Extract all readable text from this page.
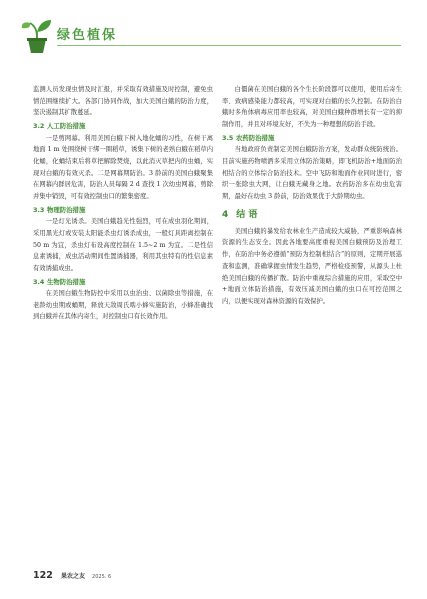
绿色植保

监测人员发现虫情及时汇报，并采取有效措施及时控制，避免虫情范围继续扩大。各部门协同作战，加大美国白蛾的防治力度，坚决遏制其扩散蔓延。

3.2 人工防治措施

一是剪网幕。利用美国白蛾下树入地化蛹的习性，在树干离地面 1 m 处围绕树干绑一圈稻草，诱集下树的老熟白蛾在稻草内化蛹，化蛹结束后将草把解除焚烧，以此消灭草把内的虫蛹，实现对白蛾的有效灭杀。二是网幕期防治。3 龄前的美国白蛾聚集在网幕内群居危害，防治人员每隔 2 d 查找 1 次幼虫网幕，剪除并集中销毁，可有效控制虫口的繁集密度。

3.3 物理防治措施

一是灯光诱杀。美国白蛾趋光性强烈，可在成虫羽化期间，采用黑光灯或安装太阳能杀虫灯诱杀成虫，一般灯具距离控制在 50 m 为宜，杀虫灯布设高度控制在 1.5~2 m 为宜。二是性信息素诱捕，成虫活动期间性置诱捕器，利用其虫特有的性信息素有效诱捕成虫。

3.4 生物防治措施

在美国白蛾生物防控中采用以虫治虫、以菌除虫等措施，在老龄幼虫期或蛹期，释放天敌周氏啮小蜂实施防治，小蜂准确找到白蛾并在其体内寄生，对控制虫口有长效作用。

白僵菌在美国白蛾的各个生长阶段都可以使用，使用后寄生率、致病感染能力都较高，可实现对白蛾的长久控制。在防治白蛾时多角体病毒应用率也较高，对美国白蛾种群增长有一定的抑制作用，并且对环境友好，不失为一种理想的防治手段。

3.5 农药防治措施

当地政府负责制定美国白蛾防治方案，发动群众统防统治。目前实施药物喷洒多采用立体防治策略，即飞机防治+地面防治相结合的立体综合防治技术。空中飞防和地面作业同时进行，密织一张除虫大网，让白蛾无藏身之地。农药防治多在幼虫危害期，最好在幼虫 3 龄前，防治效果优于大龄期幼虫。

4 结 语

美国白蛾的暴发给农林业生产造成较大威胁，严重影响森林资源的生态安全。因此各地要高度重视美国白蛾预防及治理工作，在防治中务必遵循“预防为控制相结合”的原则，定期开展巡查和监测，准确掌握虫情发生趋势，严格检疫预警，从源头上杜绝美国白蛾的传播扩散。防治中重视综合措施的应用，采取空中+地面立体防治措施，有效压减美国白蛾的虫口在可控范围之内，以便实现对森林资源的有效保护。

122 果农之友 2025. 6
